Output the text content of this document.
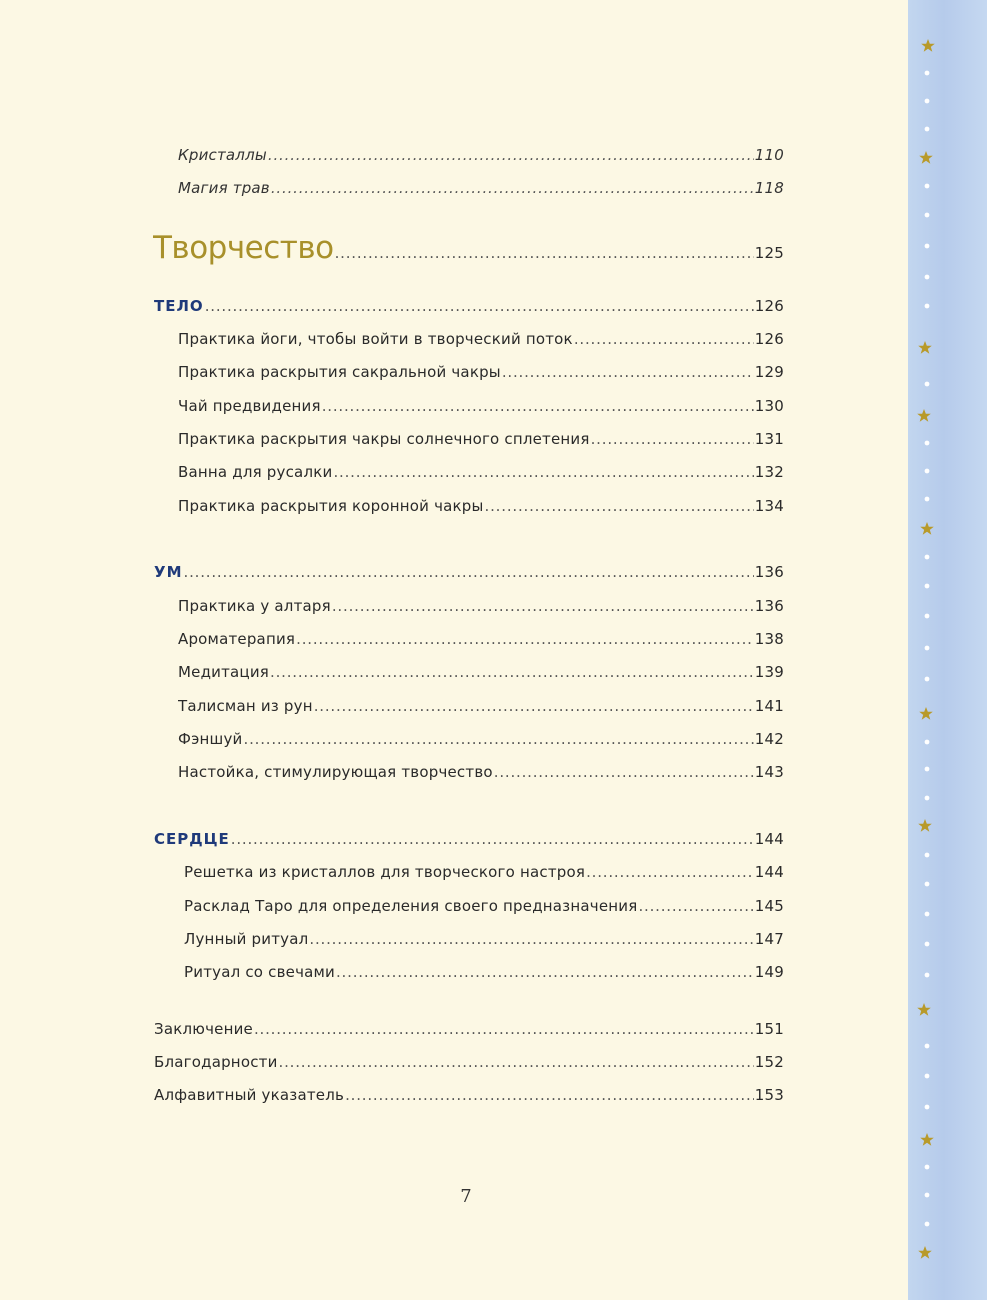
Кристаллы .....	110
Магия трав .....	118
Творчество .....	125
ТЕЛО .....	126
Практика йоги, чтобы войти в творческий поток .....	126
Практика раскрытия сакральной чакры .....	129
Чай предвидения .....	130
Практика раскрытия чакры солнечного сплетения .....	131
Ванна для русалки .....	132
Практика раскрытия коронной чакры .....	134
УМ .....	136
Практика у алтаря .....	136
Ароматерапия .....	138
Медитация .....	139
Талисман из рун .....	141
Фэншуй .....	142
Настойка, стимулирующая творчество .....	143
СЕРДЦЕ .....	144
Решетка из кристаллов для творческого настроя .....	144
Расклад Таро для определения своего предназначения .....	145
Лунный ритуал .....	147
Ритуал со свечами .....	149
Заключение .....	151
Благодарности .....	152
Алфавитный указатель .....	153
7
